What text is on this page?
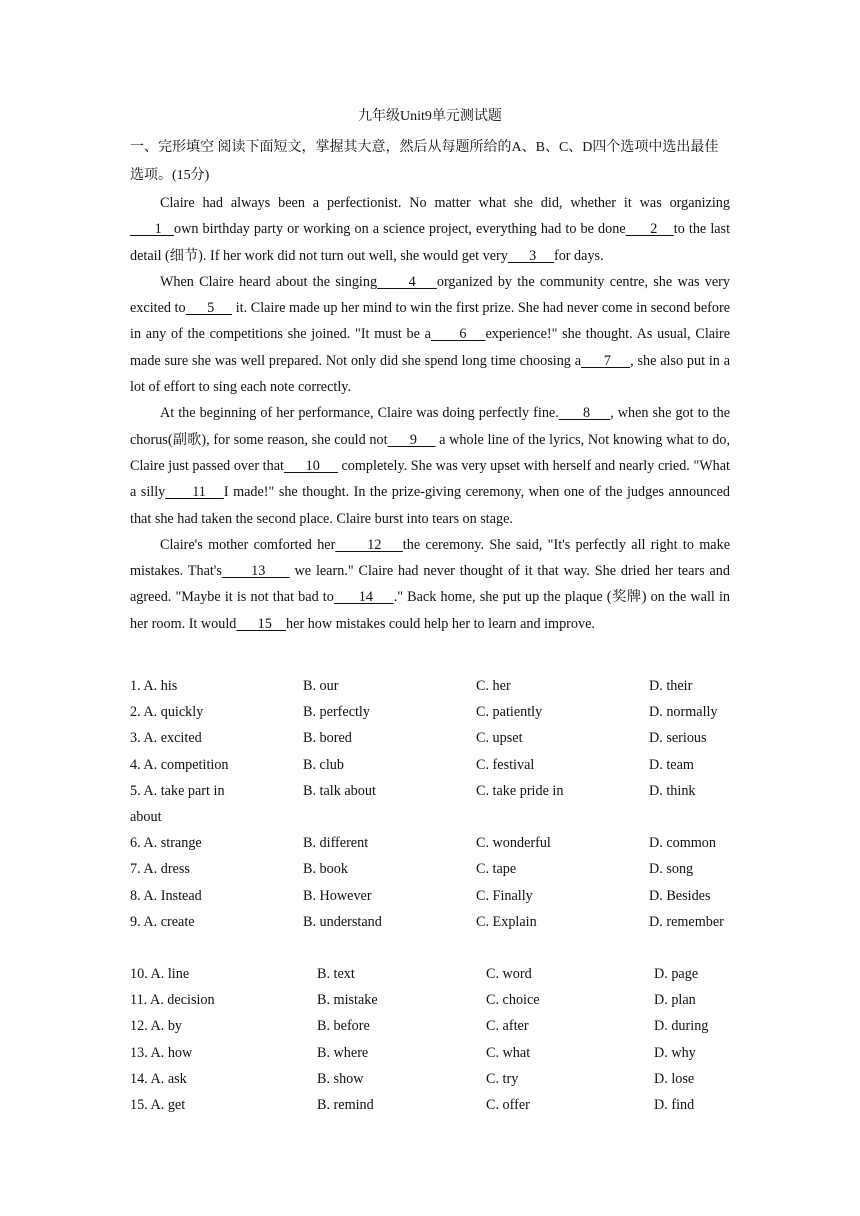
九年级Unit9单元测试题
一、完形填空 阅读下面短文，掌握其大意，然后从每题所给的A、B、C、D四个选项中选出最佳选项。(15分)

Claire had always been a perfectionist. No matter what she did, whether it was organizing      1   own birthday party or working on a science project, everything had to be done      2    to the last detail (细节). If her work did not turn out well, she would get very      3     for days.

When Claire heard about the singing      4    organized by the community centre, she was very excited to      5      it. Claire made up her mind to win the first prize. She had never come in second before in any of the competitions she joined. "It must be a      6    experience!" she thought. As usual, Claire made sure she was well prepared. Not only did she spend long time choosing a      7     , she also put in a lot of effort to sing each note correctly.

At the beginning of her performance, Claire was doing perfectly fine.      8     , when she got to the chorus(副歌), for some reason, she could not      9      a whole line of the lyrics, Not knowing what to do, Claire just passed over that      10      completely. She was very upset with herself and nearly cried. "What a silly      11    I made!" she thought. In the prize-giving ceremony, when one of the judges announced that she had taken the second place. Claire burst into tears on stage.

Claire's mother comforted her      12    the ceremony. She said, "It's perfectly all right to make mistakes. That's      13      we learn." Claire had never thought of it that way. She dried her tears and agreed. "Maybe it is not that bad to      14     ." Back home, she put up the plaque (奖牌) on the wall in her room. It would      15    her how mistakes could help her to learn and improve.

1. A. his	B. our	C. her	D. their
2. A. quickly	B. perfectly	C. patiently	D. normally
3. A. excited	B. bored	C. upset	D. serious
4. A. competition	B. club	C. festival	D. team
5. A. take part in	B. talk about	C. take pride in	D. think
about
6. A. strange	B. different	C. wonderful	D. common
7. A. dress	B. book	C. tape	D. song
8. A. Instead	B. However	C. Finally	D. Besides
9. A. create	B. understand	C. Explain	D. remember
10. A. line	B. text	C. word	D. page
11. A. decision	B. mistake	C. choice	D. plan
12. A. by	B. before	C. after	D. during
13. A. how	B. where	C. what	D. why
14. A. ask	B. show	C. try	D. lose
15. A. get	B. remind	C. offer	D. find
